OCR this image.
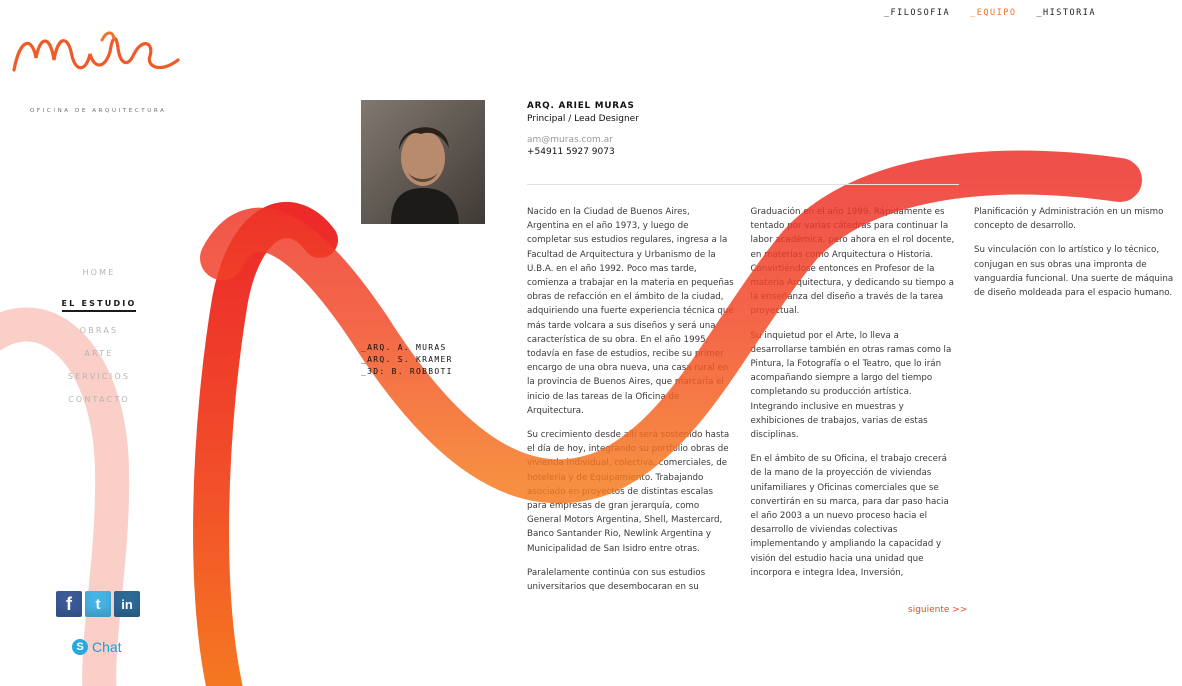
OFICINA DE ARQUITECTURA
_FILOSOFIA _EQUIPO _HISTORIA
HOME
EL ESTUDIO
OBRAS
ARTE
SERVICIOS
CONTACTO
_ARQ. A. MURAS
_ARQ. S. KRAMER
_3D: B. ROBBOTI
ARQ. ARIEL MURAS
Principal / Lead Designer
am@muras.com.ar
+54911 5927 9073

Nacido en la Ciudad de Buenos Aires, Argentina en el año 1973, y luego de completar sus estudios regulares, ingresa a la Facultad de Arquitectura y Urbanismo de la U.B.A. en el año 1992. Poco mas tarde, comienza a trabajar en la materia en pequeñas obras de refacción en el ámbito de la ciudad, adquiriendo una fuerte experiencia técnica que más tarde volcara a sus diseños y será una característica de su obra. En el año 1995, todavía en fase de estudios, recibe su primer encargo de una obra nueva, una casa rural en la provincia de Buenos Aires, que marcaría el inicio de las tareas de la Oficina de Arquitectura.

Su crecimiento desde allí será sostenido hasta el día de hoy, integrando su portfolio obras de vivienda individual, colectiva, comerciales, de hotelería y de Equipamiento. Trabajando asociado en proyectos de distintas escalas para empresas de gran jerarquía, como General Motors Argentina, Shell, Mastercard, Banco Santander Rio, Newlink Argentina y Municipalidad de San Isidro entre otras.

Paralelamente continúa con sus estudios universitarios que desembocaran en su Graduación en el año 1999. Rápidamente es tentado por varias cátedras para continuar la labor académica, pero ahora en el rol docente, en materias como Arquitectura o Historia. Convirtiéndose entonces en Profesor de la materia Arquitectura, y dedicando su tiempo a la enseñanza del diseño a través de la tarea proyectual.

Su inquietud por el Arte, lo lleva a desarrollarse también en otras ramas como la Pintura, la Fotografía o el Teatro, que lo irán acompañando siempre a largo del tiempo completando su producción artística. Integrando inclusive en muestras y exhibiciones de trabajos, varias de estas disciplinas.

En el ámbito de su Oficina, el trabajo crecerá de la mano de la proyección de viviendas unifamiliares y Oficinas comerciales que se convertirán en su marca, para dar paso hacia el año 2003 a un nuevo proceso hacia el desarrollo de viviendas colectivas implementando y ampliando la capacidad y visión del estudio hacia una unidad que incorpora e integra Idea, Inversión, Planificación y Administración en un mismo concepto de desarrollo.

Su vinculación con lo artístico y lo técnico, conjugan en sus obras una impronta de vanguardia funcional. Una suerte de máquina de diseño moldeada para el espacio humano.

siguiente >>
f	t	in
S Chat
